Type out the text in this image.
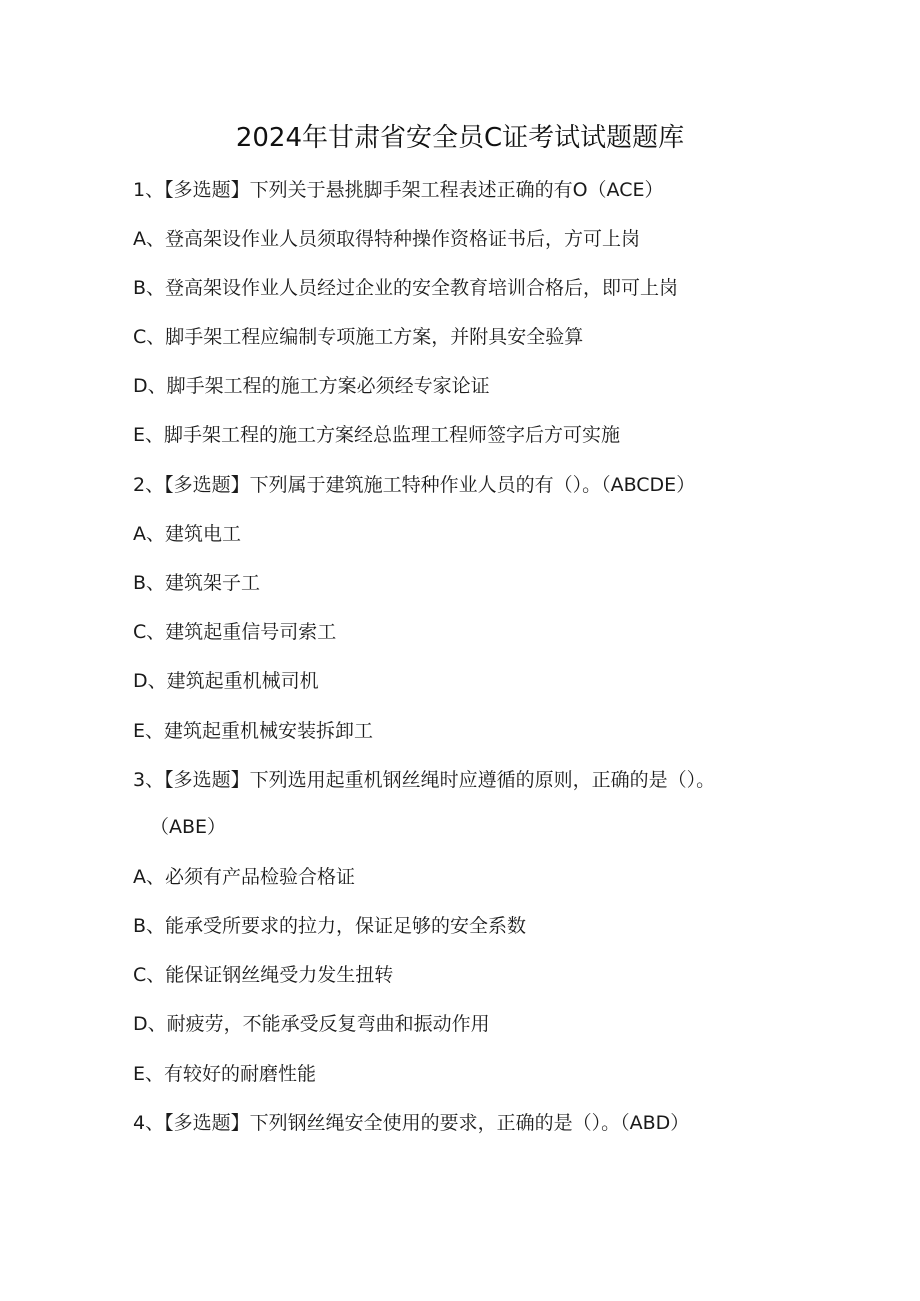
2024年甘肃省安全员C证考试试题题库
1、【多选题】下列关于悬挑脚手架工程表述正确的有O（ACE）
A、登高架设作业人员须取得特种操作资格证书后，方可上岗
B、登高架设作业人员经过企业的安全教育培训合格后，即可上岗
C、脚手架工程应编制专项施工方案，并附具安全验算
D、脚手架工程的施工方案必须经专家论证
E、脚手架工程的施工方案经总监理工程师签字后方可实施
2、【多选题】下列属于建筑施工特种作业人员的有（）。（ABCDE）
A、建筑电工
B、建筑架子工
C、建筑起重信号司索工
D、建筑起重机械司机
E、建筑起重机械安装拆卸工
3、【多选题】下列选用起重机钢丝绳时应遵循的原则，正确的是（）。
（ABE）
A、必须有产品检验合格证
B、能承受所要求的拉力，保证足够的安全系数
C、能保证钢丝绳受力发生扭转
D、耐疲劳，不能承受反复弯曲和振动作用
E、有较好的耐磨性能
4、【多选题】下列钢丝绳安全使用的要求，正确的是（）。（ABD）
